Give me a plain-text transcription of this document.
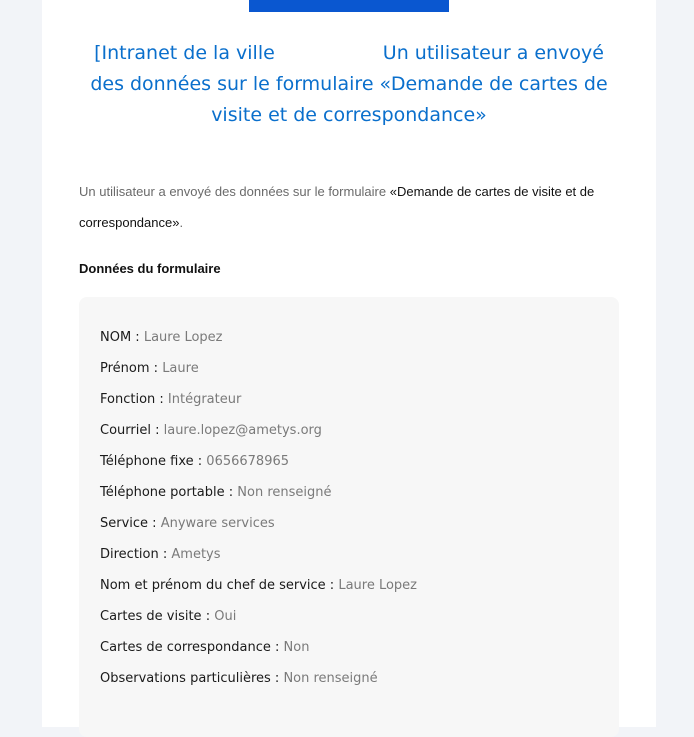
[Intranet de la ville	Un utilisateur a envoyé des données sur le formulaire «Demande de cartes de visite et de correspondance»

Un utilisateur a envoyé des données sur le formulaire «Demande de cartes de visite et de correspondance».

Données du formulaire
NOM : Laure Lopez
Prénom : Laure
Fonction : Intégrateur
Courriel : laure.lopez@ametys.org
Téléphone fixe : 0656678965
Téléphone portable : Non renseigné
Service : Anyware services
Direction : Ametys
Nom et prénom du chef de service : Laure Lopez
Cartes de visite : Oui
Cartes de correspondance : Non
Observations particulières : Non renseigné
